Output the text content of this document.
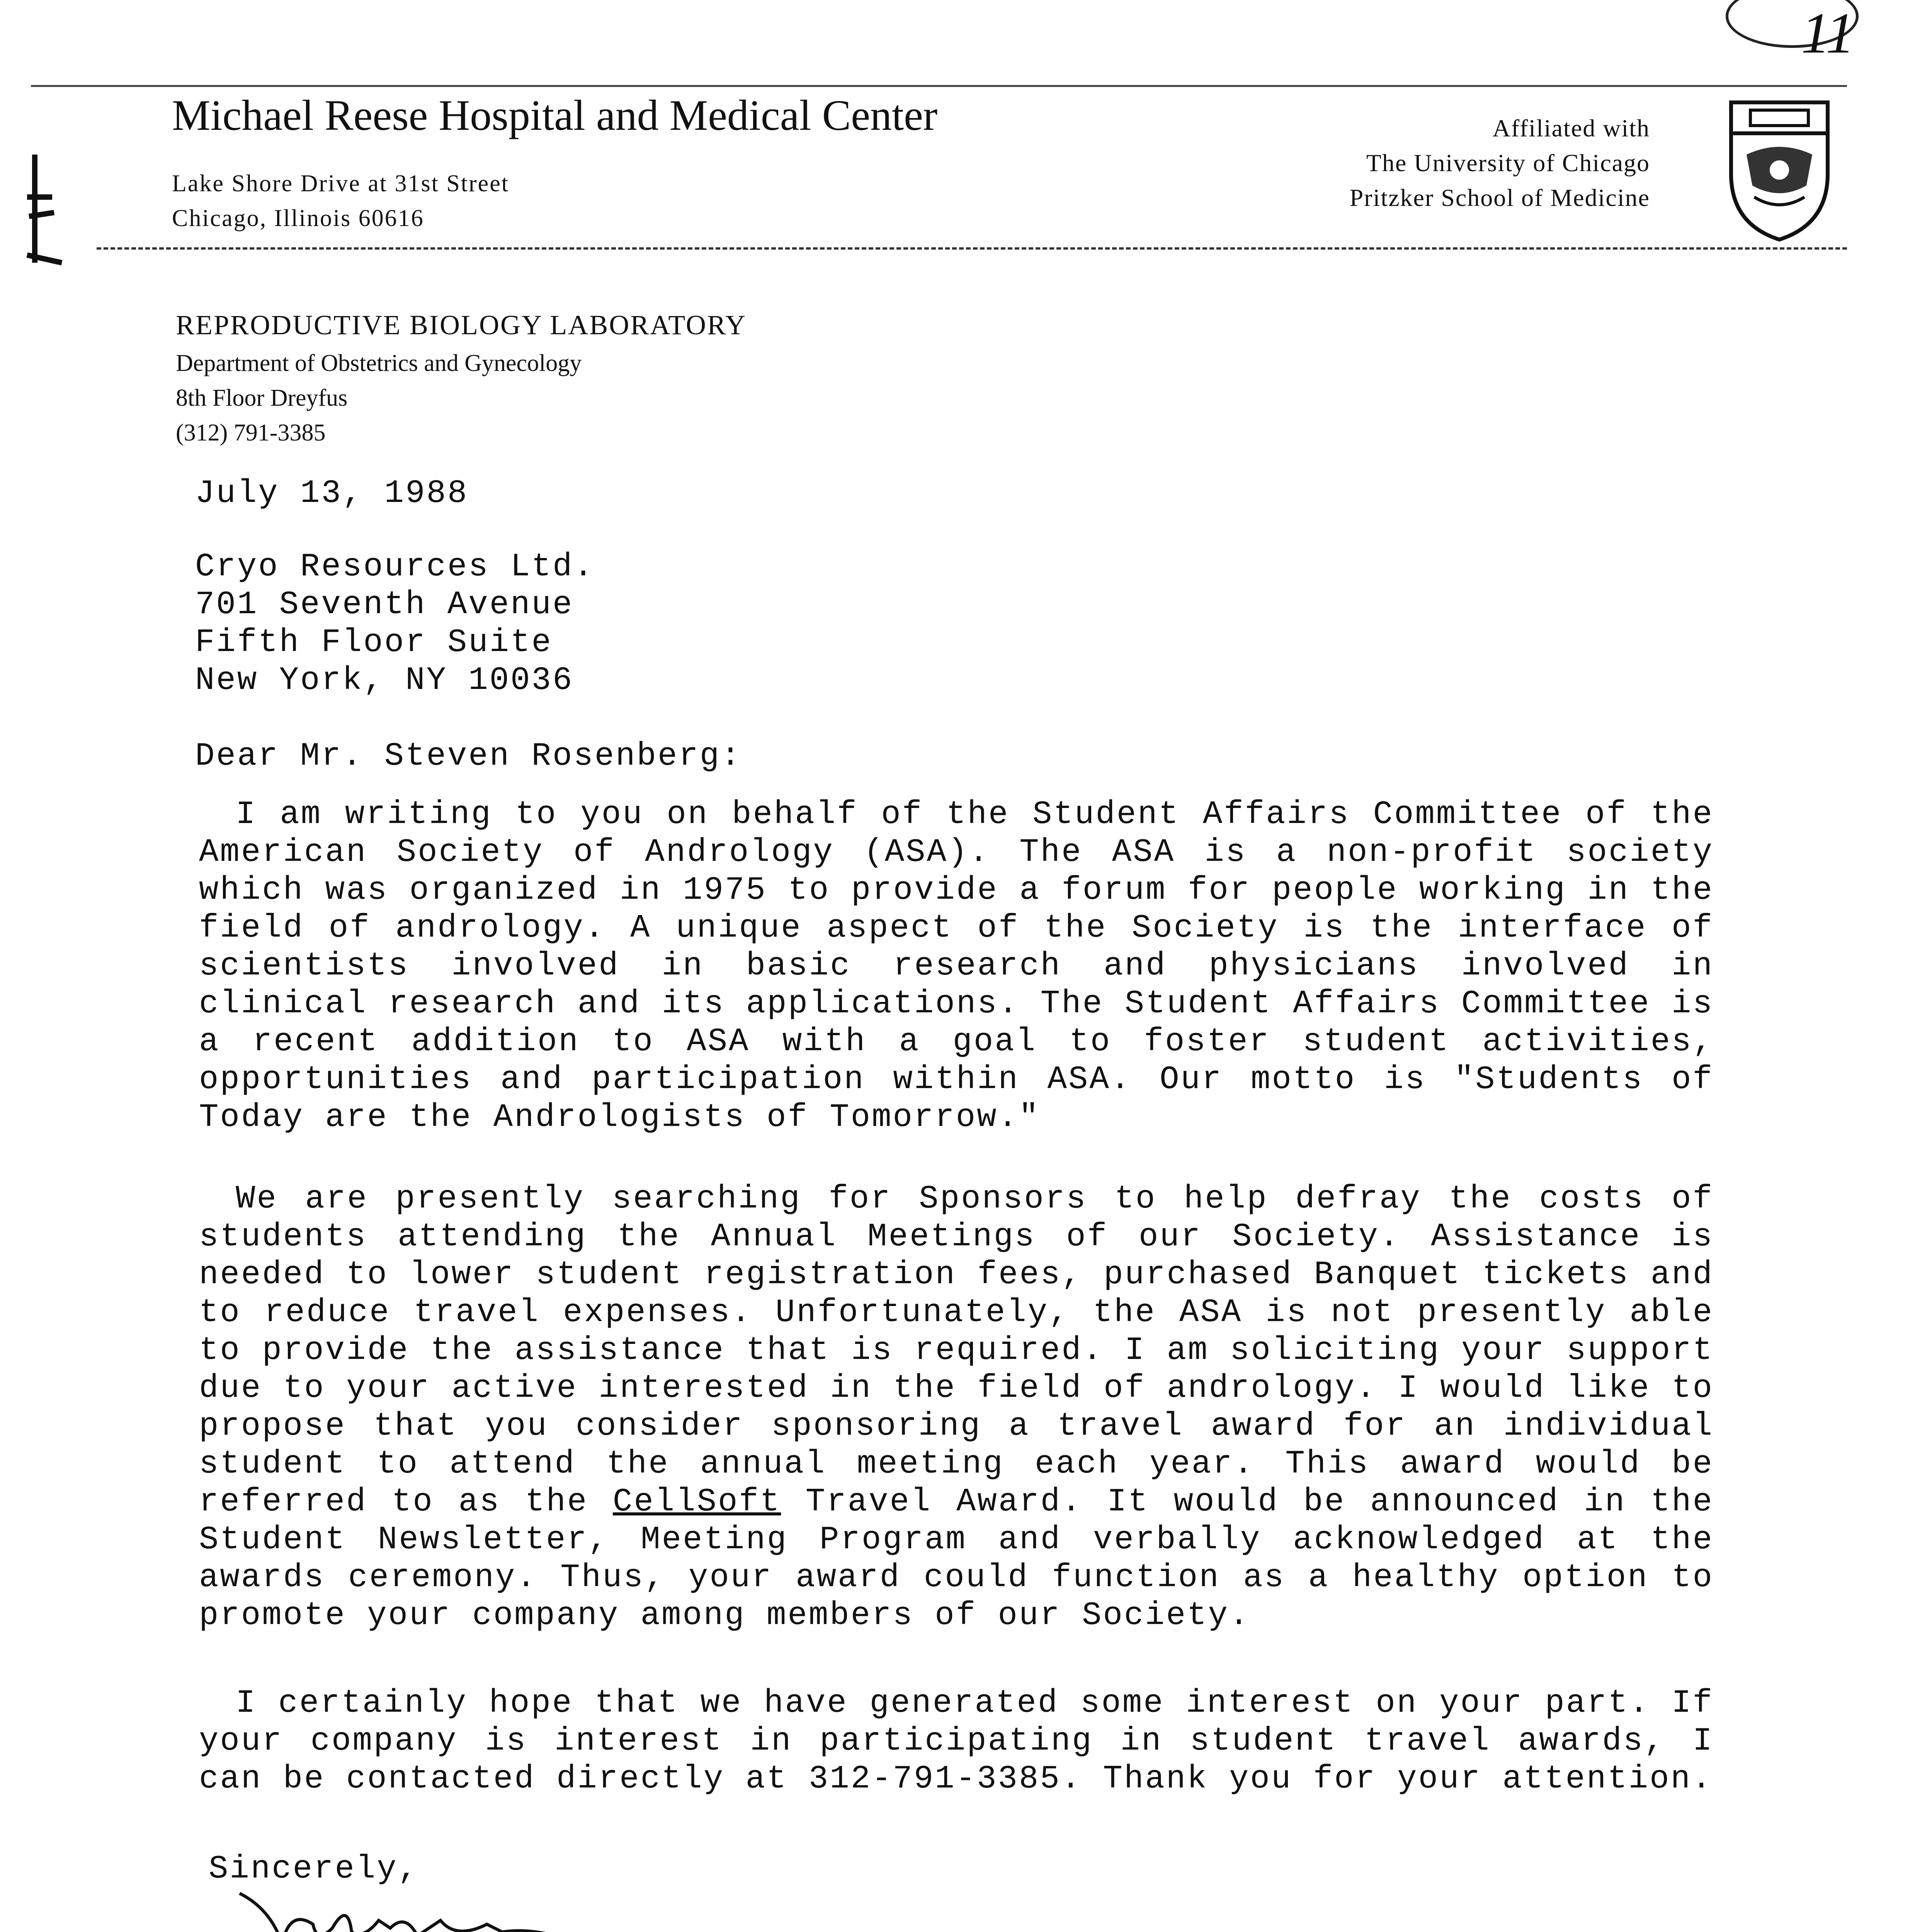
11
Michael Reese Hospital and Medical Center
Lake Shore Drive at 31st Street
Chicago, Illinois 60616
Affiliated with
The University of Chicago
Pritzker School of Medicine
REPRODUCTIVE BIOLOGY LABORATORY
Department of Obstetrics and Gynecology
8th Floor Dreyfus
(312) 791-3385
July 13, 1988
Cryo Resources Ltd.
701 Seventh Avenue
Fifth Floor Suite
New York, NY 10036
Dear Mr. Steven Rosenberg:
I am writing to you on behalf of the Student Affairs Committee of the American Society of Andrology (ASA). The ASA is a non-profit society which was organized in 1975 to provide a forum for people working in the field of andrology. A unique aspect of the Society is the interface of scientists involved in basic research and physicians involved in clinical research and its applications. The Student Affairs Committee is a recent addition to ASA with a goal to foster student activities, opportunities and participation within ASA. Our motto is "Students of Today are the Andrologists of Tomorrow."
We are presently searching for Sponsors to help defray the costs of students attending the Annual Meetings of our Society. Assistance is needed to lower student registration fees, purchased Banquet tickets and to reduce travel expenses. Unfortunately, the ASA is not presently able to provide the assistance that is required. I am soliciting your support due to your active interested in the field of andrology. I would like to propose that you consider sponsoring a travel award for an individual student to attend the annual meeting each year. This award would be referred to as the CellSoft Travel Award. It would be announced in the Student Newsletter, Meeting Program and verbally acknowledged at the awards ceremony. Thus, your award could function as a healthy option to promote your company among members of our Society.
I certainly hope that we have generated some interest on your part. If your company is interest in participating in student travel awards, I can be contacted directly at 312-791-3385. Thank you for your attention.
Sincerely,
